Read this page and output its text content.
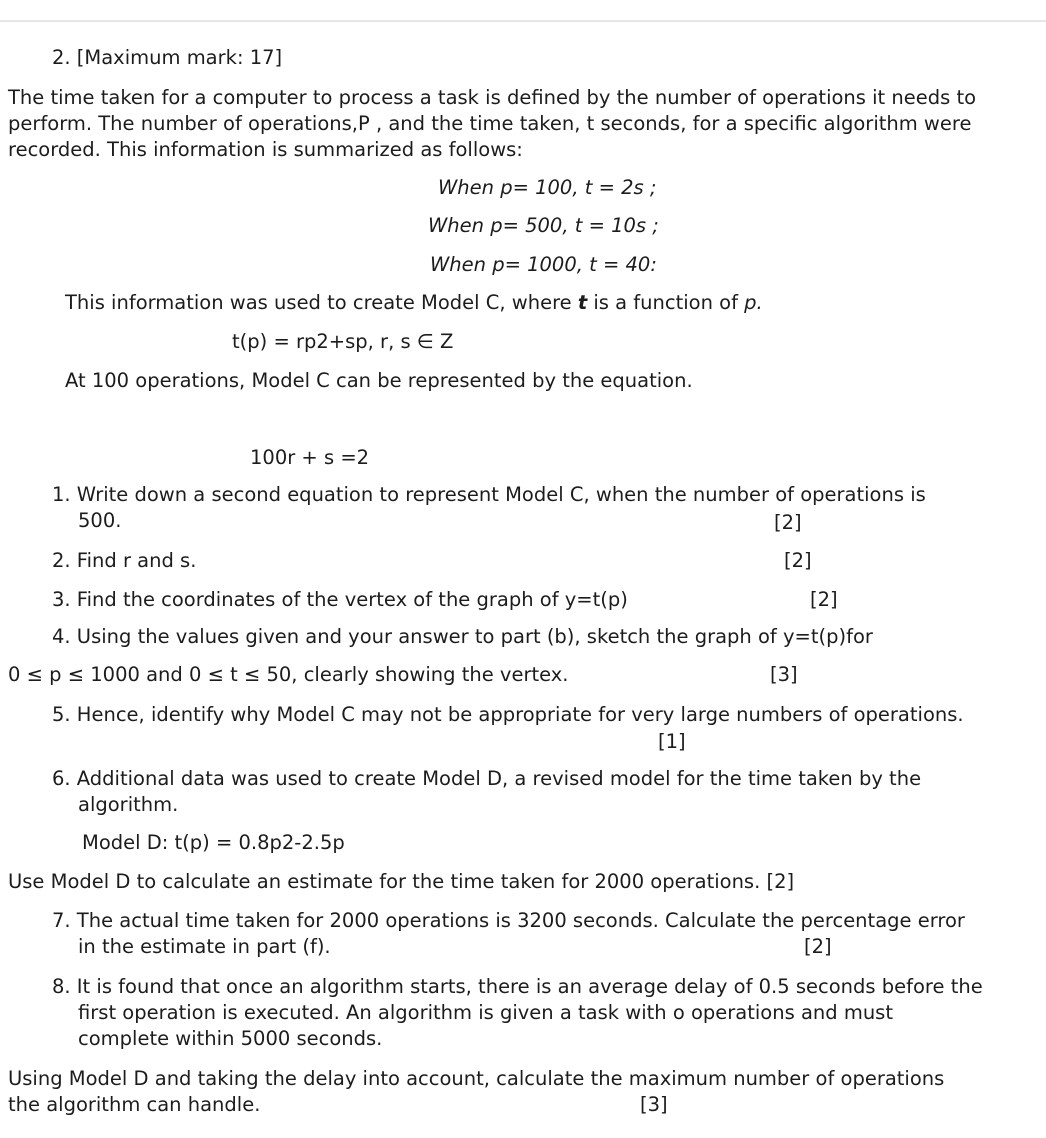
2. [Maximum mark: 17]
The time taken for a computer to process a task is defined by the number of operations it needs to
perform. The number of operations,P , and the time taken, t seconds, for a specific algorithm were
recorded. This information is summarized as follows:
When p= 100, t = 2s ;
When p= 500, t = 10s ;
When p= 1000, t = 40:
This information was used to create Model C, where t is a function of p.
t(p) = rp2+sp, r, s ∈ Z
At 100 operations, Model C can be represented by the equation.
100r + s =2
1. Write down a second equation to represent Model C, when the number of operations is
500.	[2]
2. Find r and s.	[2]
3. Find the coordinates of the vertex of the graph of y=t(p)	[2]
4. Using the values given and your answer to part (b), sketch the graph of y=t(p)for
0 ≤ p ≤ 1000 and 0 ≤ t ≤ 50, clearly showing the vertex.	[3]
5. Hence, identify why Model C may not be appropriate for very large numbers of operations.
[1]
6. Additional data was used to create Model D, a revised model for the time taken by the
algorithm.
Model D: t(p) = 0.8p2-2.5p
Use Model D to calculate an estimate for the time taken for 2000 operations. [2]
7. The actual time taken for 2000 operations is 3200 seconds. Calculate the percentage error
in the estimate in part (f).	[2]
8. It is found that once an algorithm starts, there is an average delay of 0.5 seconds before the
first operation is executed. An algorithm is given a task with o operations and must
complete within 5000 seconds.
Using Model D and taking the delay into account, calculate the maximum number of operations
the algorithm can handle.	[3]
